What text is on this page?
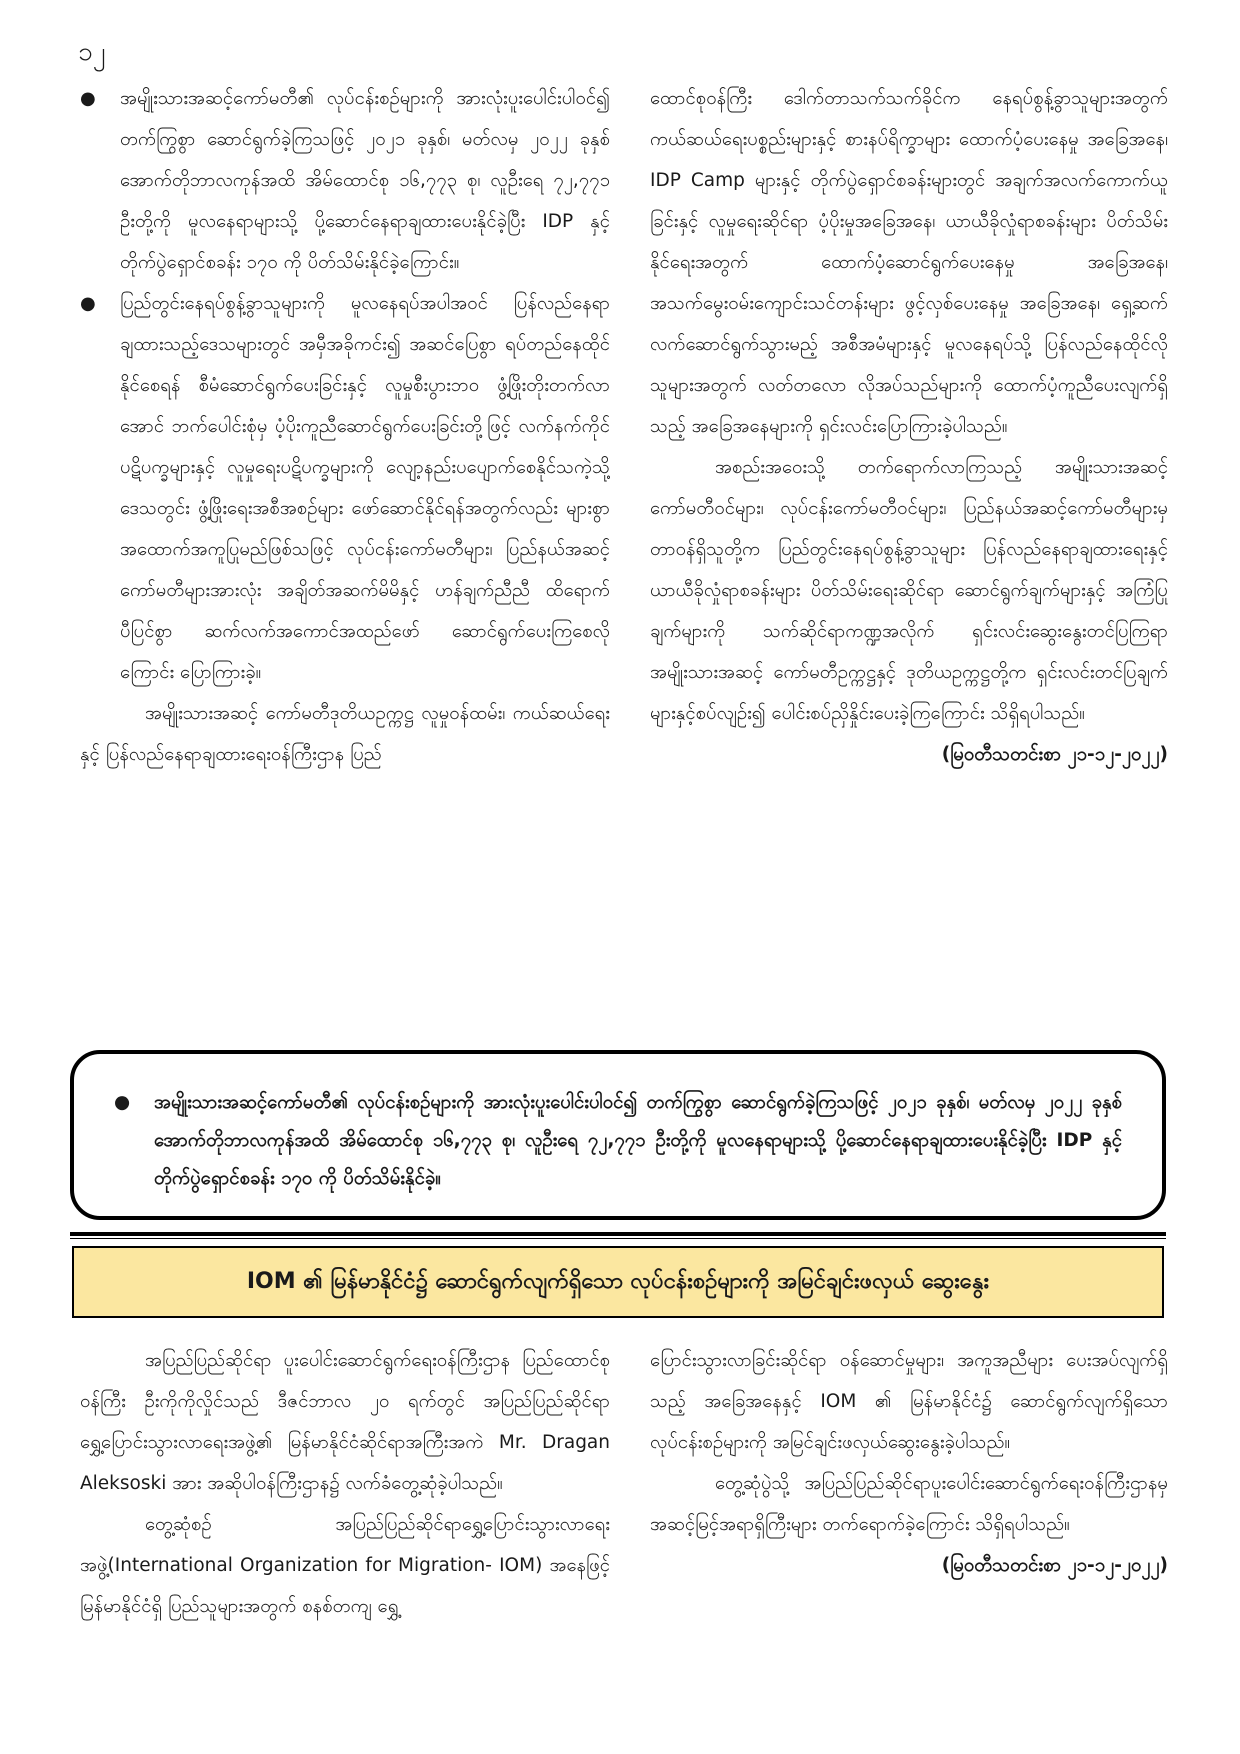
၁၂

● အမျိုးသားအဆင့်ကော်မတီ၏ လုပ်ငန်းစဉ်များကို အားလုံးပူးပေါင်းပါဝင်၍ တက်ကြွစွာ ဆောင်ရွက်ခဲ့ကြသဖြင့် ၂၀၂၁ ခုနှစ်၊ မတ်လမှ ၂၀၂၂ ခုနှစ် အောက်တိုဘာလကုန်အထိ အိမ်ထောင်စု ၁၆,၇၇၃ စု၊ လူဦးရေ ၇၂,၇၇၁ ဦးတို့ကို မူလနေရာများသို့ ပို့ဆောင်နေရာချထားပေးနိုင်ခဲ့ပြီး IDP နှင့် တိုက်ပွဲရှောင်စခန်း ၁၇၀ ကို ပိတ်သိမ်းနိုင်ခဲ့ကြောင်း။

● ပြည်တွင်းနေရပ်စွန့်ခွာသူများကို မူလနေရပ်အပါအဝင် ပြန်လည်နေရာချထားသည့်ဒေသများတွင် အမှီအခိုကင်း၍ အဆင်ပြေစွာ ရပ်တည်နေထိုင်နိုင်စေရန် စီမံဆောင်ရွက်ပေးခြင်းနှင့် လူမှုစီးပွားဘဝ ဖွံ့ဖြိုးတိုးတက်လာအောင် ဘက်ပေါင်းစုံမှ ပံ့ပိုးကူညီဆောင်ရွက်ပေးခြင်းတို့ဖြင့် လက်နက်ကိုင်ပဋိပက္ခများနှင့် လူမှုရေးပဋိပက္ခများကို လျော့နည်းပပျောက်စေနိုင်သကဲ့သို့ ဒေသတွင်း ဖွံ့ဖြိုးရေးအစီအစဉ်များ ဖော်ဆောင်နိုင်ရန်အတွက်လည်း များစွာအထောက်အကူပြုမည်ဖြစ်သဖြင့် လုပ်ငန်းကော်မတီများ၊ ပြည်နယ်အဆင့် ကော်မတီများအားလုံး အချိတ်အဆက်မိမိနှင့် ဟန်ချက်ညီညီ ထိရောက်ပီပြင်စွာ ဆက်လက်အကောင်အထည်ဖော် ဆောင်ရွက်ပေးကြစေလိုကြောင်း ပြောကြားခဲ့။

အမျိုးသားအဆင့် ကော်မတီဒုတိယဥက္ကဋ္ဌ လူမှုဝန်ထမ်း၊ ကယ်ဆယ်ရေးနှင့် ပြန်လည်နေရာချထားရေးဝန်ကြီးဌာန ပြည်

ထောင်စုဝန်ကြီး ဒေါက်တာသက်သက်ခိုင်က နေရပ်စွန့်ခွာသူများအတွက် ကယ်ဆယ်ရေးပစ္စည်းများနှင့် စားနပ်ရိက္ခာများ ထောက်ပံ့ပေးနေမှု အခြေအနေ၊ IDP Camp များနှင့် တိုက်ပွဲရှောင်စခန်းများတွင် အချက်အလက်ကောက်ယူခြင်းနှင့် လူမှုရေးဆိုင်ရာ ပံ့ပိုးမှုအခြေအနေ၊ ယာယီခိုလှုံရာစခန်းများ ပိတ်သိမ်းနိုင်ရေးအတွက် ထောက်ပံ့ဆောင်ရွက်ပေးနေမှု အခြေအနေ၊ အသက်မွေးဝမ်းကျောင်းသင်တန်းများ ဖွင့်လှစ်ပေးနေမှု အခြေအနေ၊ ရှေ့ဆက်လက်ဆောင်ရွက်သွားမည့် အစီအမံများနှင့် မူလနေရပ်သို့ ပြန်လည်နေထိုင်လိုသူများအတွက် လတ်တလော လိုအပ်သည်များကို ထောက်ပံ့ကူညီပေးလျက်ရှိသည့် အခြေအနေများကို ရှင်းလင်းပြောကြားခဲ့ပါသည်။

အစည်းအဝေးသို့ တက်ရောက်လာကြသည့် အမျိုးသားအဆင့် ကော်မတီဝင်များ၊ လုပ်ငန်းကော်မတီဝင်များ၊ ပြည်နယ်အဆင့်ကော်မတီများမှ တာဝန်ရှိသူတို့က ပြည်တွင်းနေရပ်စွန့်ခွာသူများ ပြန်လည်နေရာချထားရေးနှင့် ယာယီခိုလှုံရာစခန်းများ ပိတ်သိမ်းရေးဆိုင်ရာ ဆောင်ရွက်ချက်များနှင့် အကြံပြုချက်များကို သက်ဆိုင်ရာကဏ္ဍအလိုက် ရှင်းလင်းဆွေးနွေးတင်ပြကြရာ အမျိုးသားအဆင့် ကော်မတီဥက္ကဋ္ဌနှင့် ဒုတိယဥက္ကဋ္ဌတို့က ရှင်းလင်းတင်ပြချက်များနှင့်စပ်လျဉ်း၍ ပေါင်းစပ်ညှိနှိုင်းပေးခဲ့ကြကြောင်း သိရှိရပါသည်။

(မြဝတီသတင်းစာ ၂၁-၁၂-၂၀၂၂)

● အမျိုးသားအဆင့်ကော်မတီ၏ လုပ်ငန်းစဉ်များကို အားလုံးပူးပေါင်းပါဝင်၍ တက်ကြွစွာ ဆောင်ရွက်ခဲ့ကြသဖြင့် ၂၀၂၁ ခုနှစ်၊ မတ်လမှ ၂၀၂၂ ခုနှစ် အောက်တိုဘာလကုန်အထိ အိမ်ထောင်စု ၁၆,၇၇၃ စု၊ လူဦးရေ ၇၂,၇၇၁ ဦးတို့ကို မူလနေရာများသို့ ပို့ဆောင်နေရာချထားပေးနိုင်ခဲ့ပြီး IDP နှင့် တိုက်ပွဲရှောင်စခန်း ၁၇၀ ကို ပိတ်သိမ်းနိုင်ခဲ့။
IOM ၏ မြန်မာနိုင်ငံ၌ ဆောင်ရွက်လျက်ရှိသော လုပ်ငန်းစဉ်များကို အမြင်ချင်းဖလှယ် ဆွေးနွေး

အပြည်ပြည်ဆိုင်ရာ ပူးပေါင်းဆောင်ရွက်ရေးဝန်ကြီးဌာန ပြည်ထောင်စုဝန်ကြီး ဦးကိုကိုလှိုင်သည် ဒီဇင်ဘာလ ၂၀ ရက်တွင် အပြည်ပြည်ဆိုင်ရာရွှေ့ပြောင်းသွားလာရေးအဖွဲ့၏ မြန်မာနိုင်ငံဆိုင်ရာအကြီးအကဲ Mr. Dragan Aleksoski အား အဆိုပါဝန်ကြီးဌာန၌ လက်ခံတွေ့ဆုံခဲ့ပါသည်။

တွေ့ဆုံစဉ် အပြည်ပြည်ဆိုင်ရာရွှေ့ပြောင်းသွားလာရေးအဖွဲ့(International Organization for Migration- IOM) အနေဖြင့် မြန်မာနိုင်ငံရှိ ပြည်သူများအတွက် စနစ်တကျ ရွှေ့

ပြောင်းသွားလာခြင်းဆိုင်ရာ ဝန်ဆောင်မှုများ၊ အကူအညီများ ပေးအပ်လျက်ရှိသည့် အခြေအနေနှင့် IOM ၏ မြန်မာနိုင်ငံ၌ ဆောင်ရွက်လျက်ရှိသော လုပ်ငန်းစဉ်များကို အမြင်ချင်းဖလှယ်ဆွေးနွေးခဲ့ပါသည်။

တွေ့ဆုံပွဲသို့ အပြည်ပြည်ဆိုင်ရာပူးပေါင်းဆောင်ရွက်ရေးဝန်ကြီးဌာနမှ အဆင့်မြင့်အရာရှိကြီးများ တက်ရောက်ခဲ့ကြောင်း သိရှိရပါသည်။

(မြဝတီသတင်းစာ ၂၁-၁၂-၂၀၂၂)
